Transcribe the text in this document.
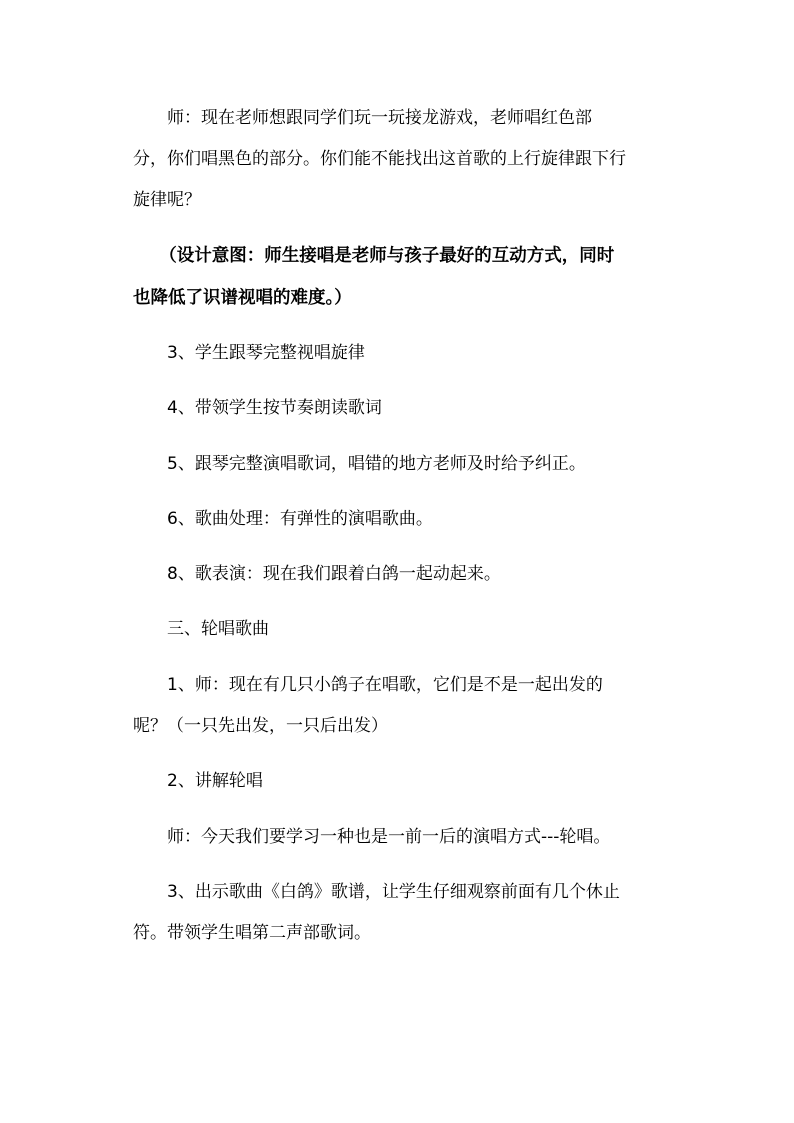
　　师：现在老师想跟同学们玩一玩接龙游戏，老师唱红色部

分，你们唱黑色的部分。你们能不能找出这首歌的上行旋律跟下行

旋律呢？

　　（设计意图：师生接唱是老师与孩子最好的互动方式，同时

也降低了识谱视唱的难度。）

　　3、学生跟琴完整视唱旋律

　　4、带领学生按节奏朗读歌词

　　5、跟琴完整演唱歌词，唱错的地方老师及时给予纠正。

　　6、歌曲处理：有弹性的演唱歌曲。

　　8、歌表演：现在我们跟着白鸽一起动起来。

　　三、轮唱歌曲

　　1、师：现在有几只小鸽子在唱歌，它们是不是一起出发的

呢？（一只先出发，一只后出发）

　　2、讲解轮唱

　　师：今天我们要学习一种也是一前一后的演唱方式---轮唱。

　　3、出示歌曲《白鸽》歌谱，让学生仔细观察前面有几个休止

符。带领学生唱第二声部歌词。
